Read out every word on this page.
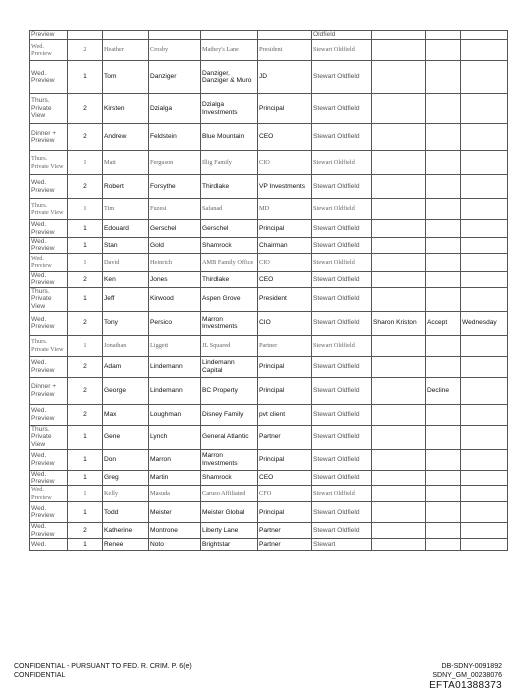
Preview						Oldfield			
Wed. Preview	2	Heather	Crosby	Mathey's Lane	President	Stewart Oldfield			
Wed. Preview	1	Tom	Danziger	Danziger, Danziger & Muro	JD	Stewart Oldfield			
Thurs. Private View	2	Kirsten	Dzialga	Dzialga Investments	Principal	Stewart Oldfield			
Dinner + Preview	2	Andrew	Feldstein	Blue Mountain	CEO	Stewart Oldfield			
Thurs. Private View	1	Matt	Ferguson	Illig Family	CIO	Stewart Oldfield			
Wed. Preview	2	Robert	Forsythe	Thirdlake	VP Investments	Stewart Oldfield			
Thurs. Private View	1	Tim	Fuzesi	Safanad	MD	Stewart Oldfield			
Wed. Preview	1	Edouard	Gerschel	Gerschel	Principal	Stewart Oldfield			
Wed. Preview	1	Stan	Gold	Shamrock	Chairman	Stewart Oldfield			
Wed. Preview	1	David	Heinrich	AMB Family Office	CIO	Stewart Oldfield			
Wed. Preview	2	Ken	Jones	Thirdlake	CEO	Stewart Oldfield			
Thurs. Private View	1	Jeff	Kirwood	Aspen Grove	President	Stewart Oldfield			
Wed. Preview	2	Tony	Persico	Marron Investments	CIO	Stewart Oldfield	Sharon Kriston	Accept	Wednesday
Thurs. Private View	1	Jonathan	Liggett	JL Squared	Partner	Stewart Oldfield			
Wed. Preview	2	Adam	Lindemann	Lindemann Capital	Principal	Stewart Oldfield			
Dinner + Preview	2	George	Lindemann	BC Property	Principal	Stewart Oldfield		Decline	
Wed. Preview	2	Max	Loughman	Disney Family	pvt client	Stewart Oldfield			
Thurs. Private View	1	Gene	Lynch	General Atlantic	Partner	Stewart Oldfield			
Wed. Preview	1	Don	Marron	Marron Investments	Principal	Stewart Oldfield			
Wed. Preview	1	Greg	Martin	Shamrock	CEO	Stewart Oldfield			
Wed. Preview	1	Kelly	Masuda	Caruso Affiliated	CFO	Stewart Oldfield			
Wed. Preview	1	Todd	Meister	Meister Global	Principal	Stewart Oldfield			
Wed. Preview	2	Katherine	Montrone	Liberty Lane	Partner	Stewart Oldfield			
Wed.	1	Renee	Noto	Brightstar	Partner	Stewart			
CONFIDENTIAL - PURSUANT TO FED. R. CRIM. P. 6(e)
CONFIDENTIAL
DB-SDNY-0091892
SDNY_GM_00238076
EFTA01388373
